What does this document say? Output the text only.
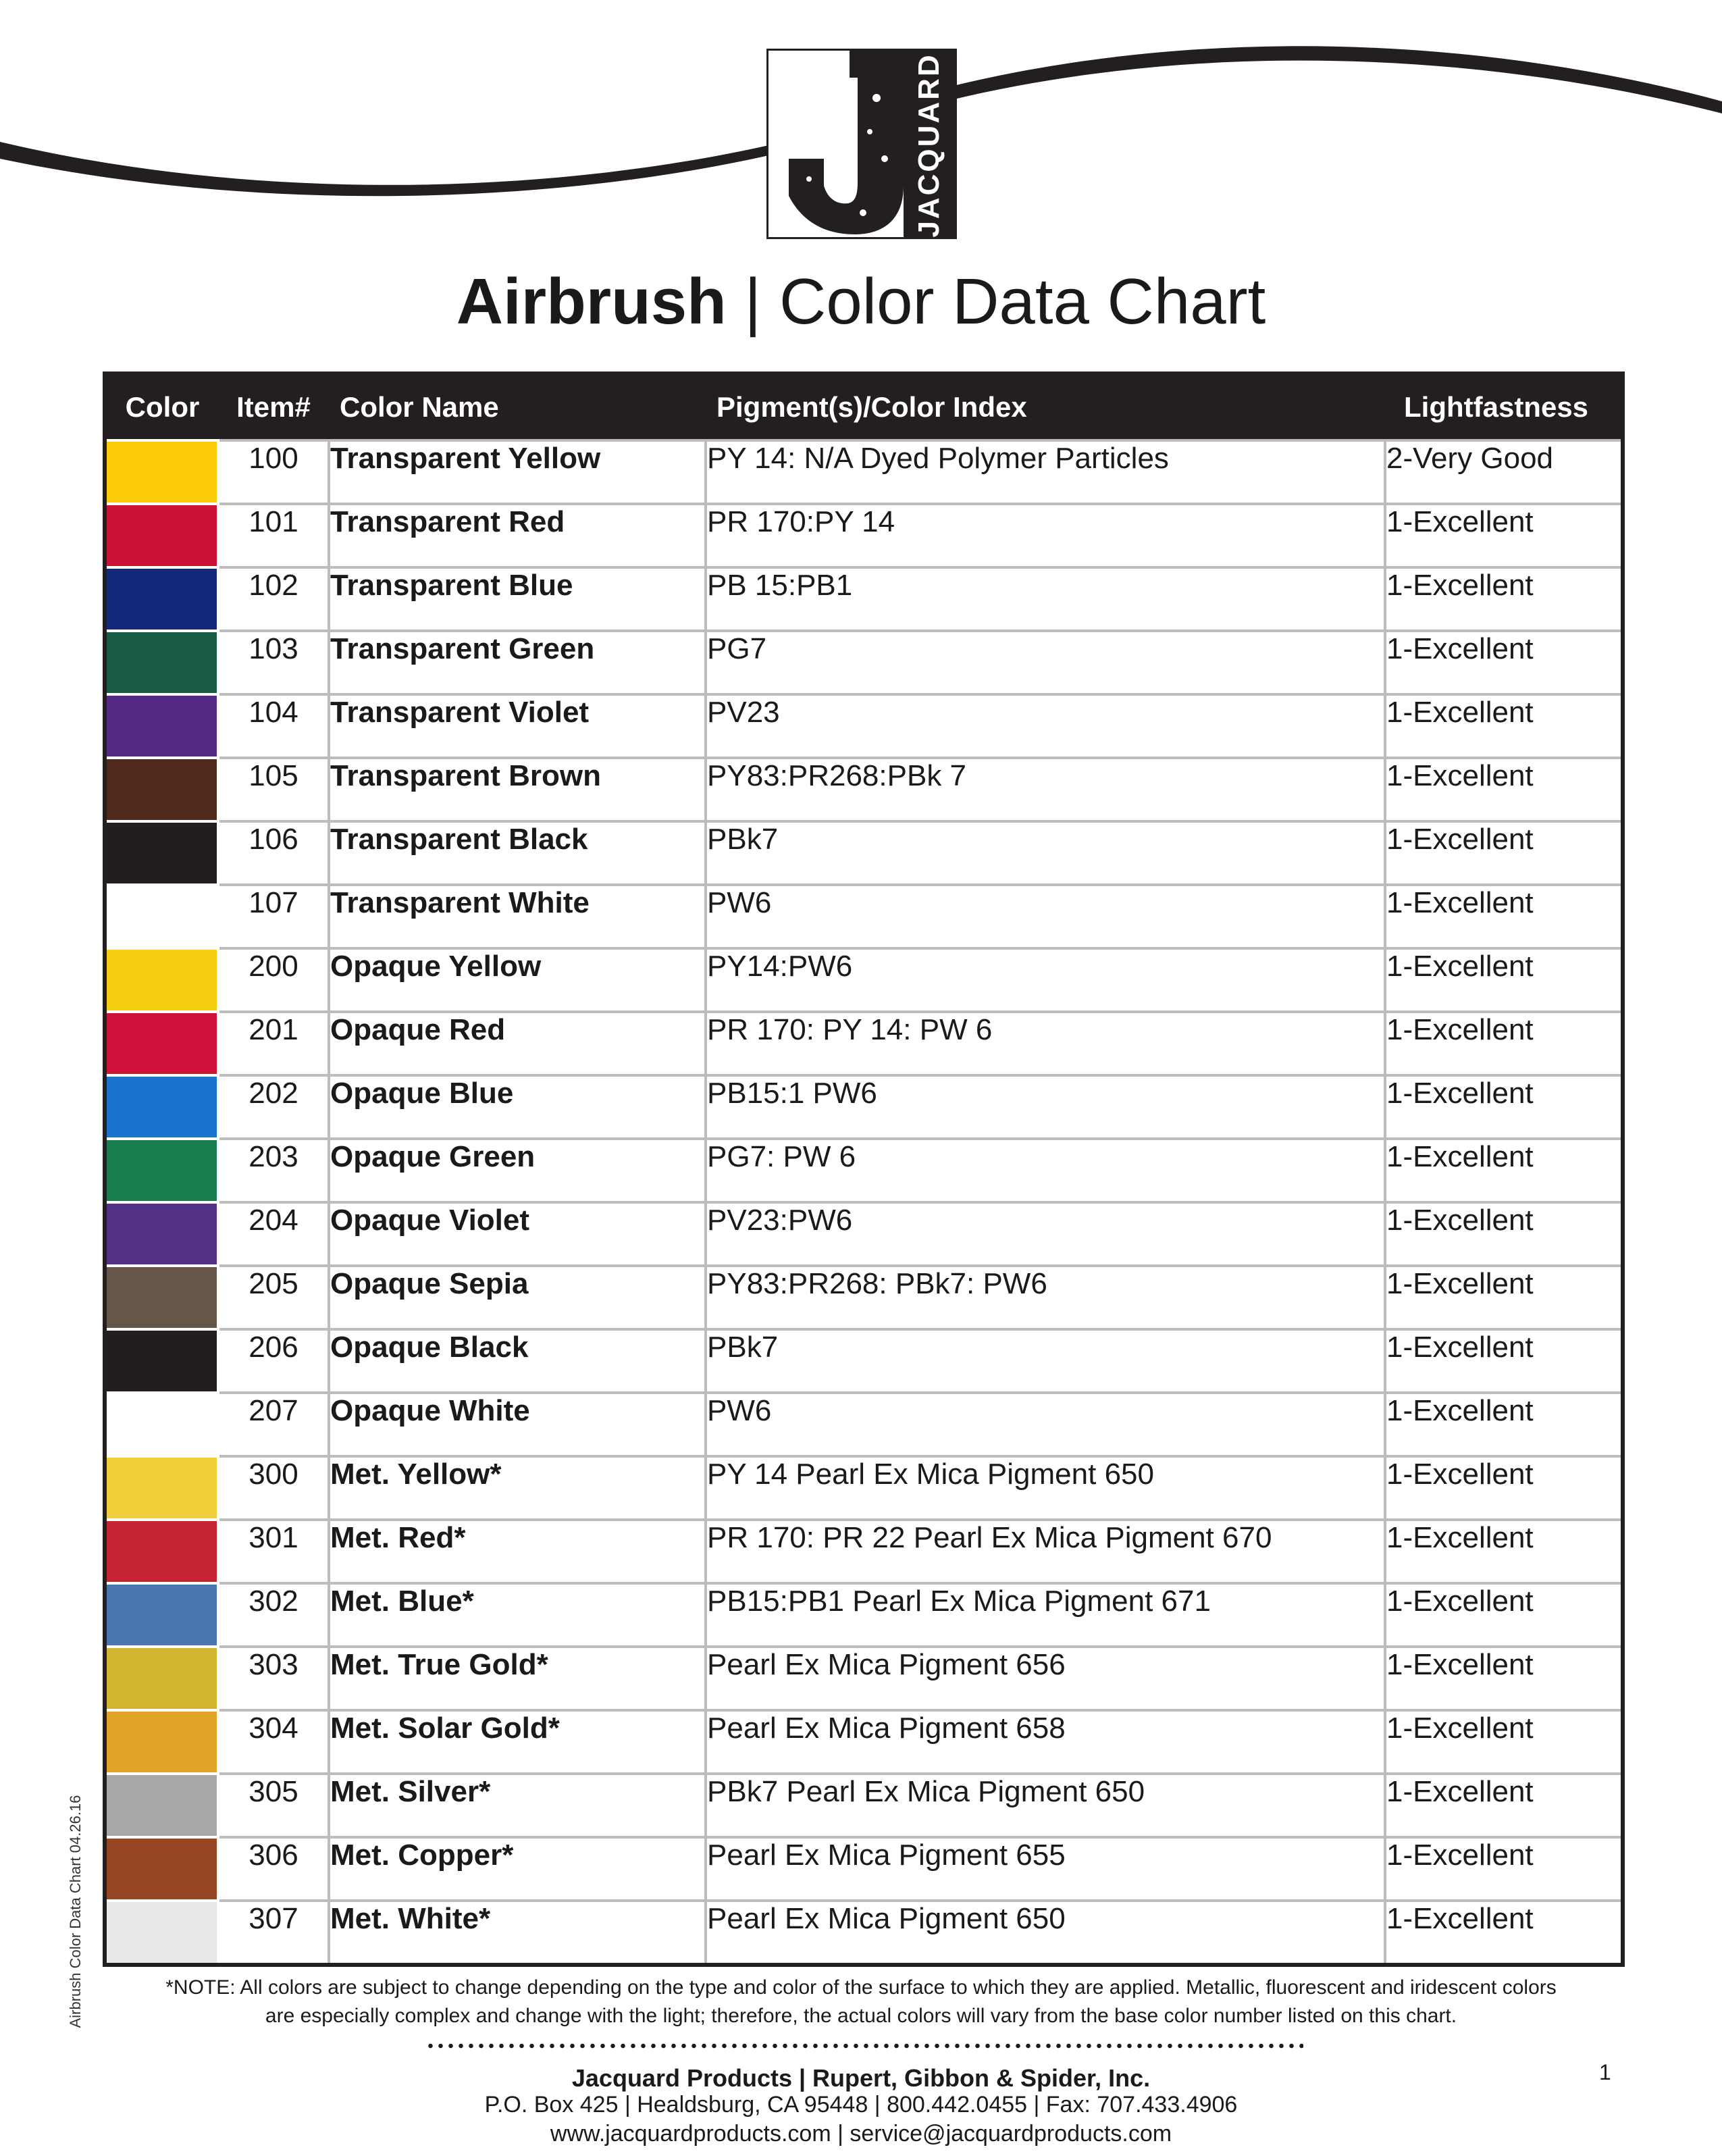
JACQUARD
Airbrush | Color Data Chart
Airbrush Color Data Chart 04.26.16
Color	Item#	Color Name	Pigment(s)/Color Index	Lightfastness

	100	Transparent Yellow	PY 14: N/A Dyed Polymer Particles	2-Very Good

	101	Transparent Red	PR 170:PY 14	1-Excellent

	102	Transparent Blue	PB 15:PB1	1-Excellent

	103	Transparent Green	PG7	1-Excellent

	104	Transparent Violet	PV23	1-Excellent

	105	Transparent Brown	PY83:PR268:PBk 7	1-Excellent

	106	Transparent Black	PBk7	1-Excellent

	107	Transparent White	PW6	1-Excellent

	200	Opaque Yellow	PY14:PW6	1-Excellent

	201	Opaque Red	PR 170: PY 14: PW 6	1-Excellent

	202	Opaque Blue	PB15:1 PW6	1-Excellent

	203	Opaque Green	PG7: PW 6	1-Excellent

	204	Opaque Violet	PV23:PW6	1-Excellent

	205	Opaque Sepia	PY83:PR268: PBk7: PW6	1-Excellent

	206	Opaque Black	PBk7	1-Excellent

	207	Opaque White	PW6	1-Excellent

	300	Met. Yellow*	PY 14 Pearl Ex Mica Pigment 650	1-Excellent

	301	Met. Red*	PR 170: PR 22 Pearl Ex Mica Pigment 670	1-Excellent

	302	Met. Blue*	PB15:PB1 Pearl Ex Mica Pigment 671	1-Excellent

	303	Met. True Gold*	Pearl Ex Mica Pigment 656	1-Excellent

	304	Met. Solar Gold*	Pearl Ex Mica Pigment 658	1-Excellent

	305	Met. Silver*	PBk7 Pearl Ex Mica Pigment 650	1-Excellent

	306	Met. Copper*	Pearl Ex Mica Pigment 655	1-Excellent

	307	Met. White*	Pearl Ex Mica Pigment 650	1-Excellent
*NOTE: All colors are subject to change depending on the type and color of the surface to which they are applied. Metallic, fluorescent and iridescent colors
are especially complex and change with the light; therefore, the actual colors will vary from the base color number listed on this chart.
Jacquard Products | Rupert, Gibbon & Spider, Inc.
P.O. Box 425 | Healdsburg, CA 95448 | 800.442.0455 | Fax: 707.433.4906
www.jacquardproducts.com | service@jacquardproducts.com
1
